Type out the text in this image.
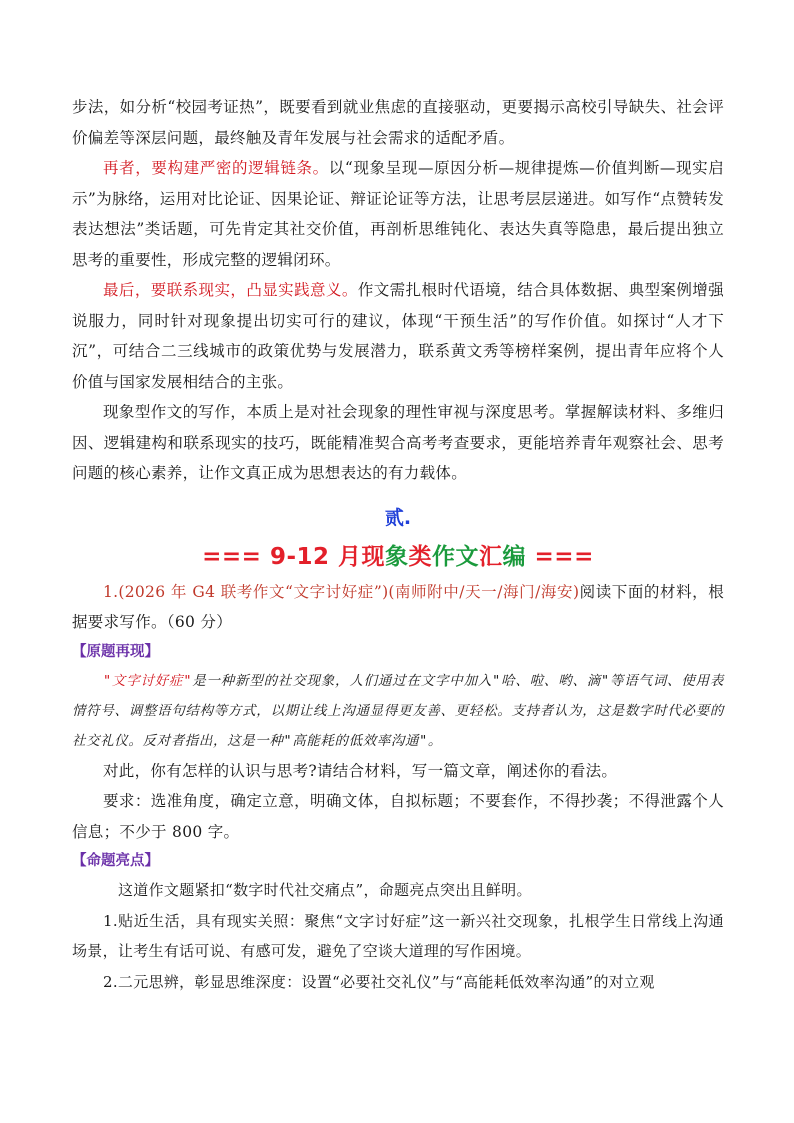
步法，如分析“校园考证热”，既要看到就业焦虑的直接驱动，更要揭示高校引导缺失、社会评价偏差等深层问题，最终触及青年发展与社会需求的适配矛盾。

再者，要构建严密的逻辑链条。以“现象呈现—原因分析—规律提炼—价值判断—现实启示”为脉络，运用对比论证、因果论证、辩证论证等方法，让思考层层递进。如写作“点赞转发表达想法”类话题，可先肯定其社交价值，再剖析思维钝化、表达失真等隐患，最后提出独立思考的重要性，形成完整的逻辑闭环。

最后，要联系现实，凸显实践意义。作文需扎根时代语境，结合具体数据、典型案例增强说服力，同时针对现象提出切实可行的建议，体现“干预生活”的写作价值。如探讨“人才下沉”，可结合二三线城市的政策优势与发展潜力，联系黄文秀等榜样案例，提出青年应将个人价值与国家发展相结合的主张。

现象型作文的写作，本质上是对社会现象的理性审视与深度思考。掌握解读材料、多维归因、逻辑建构和联系现实的技巧，既能精准契合高考考查要求，更能培养青年观察社会、思考问题的核心素养，让作文真正成为思想表达的有力载体。

贰.
=== 9-12 月现象类作文汇编 ===

1.(2026 年 G4 联考作文“文字讨好症”)(南师附中/天一/海门/海安)阅读下面的材料，根据要求写作。（60 分）

【原题再现】

"文字讨好症"是一种新型的社交现象，人们通过在文字中加入"哈、啦、哟、滴"等语气词、使用表情符号、调整语句结构等方式，以期让线上沟通显得更友善、更轻松。支持者认为，这是数字时代必要的社交礼仪。反对者指出，这是一种"高能耗的低效率沟通"。

对此，你有怎样的认识与思考?请结合材料，写一篇文章，阐述你的看法。

要求：选准角度，确定立意，明确文体，自拟标题；不要套作，不得抄袭；不得泄露个人信息；不少于 800 字。

【命题亮点】

这道作文题紧扣“数字时代社交痛点”，命题亮点突出且鲜明。

1.贴近生活，具有现实关照：聚焦“文字讨好症”这一新兴社交现象，扎根学生日常线上沟通场景，让考生有话可说、有感可发，避免了空谈大道理的写作困境。

2.二元思辨，彰显思维深度：设置“必要社交礼仪”与“高能耗低效率沟通”的对立观
